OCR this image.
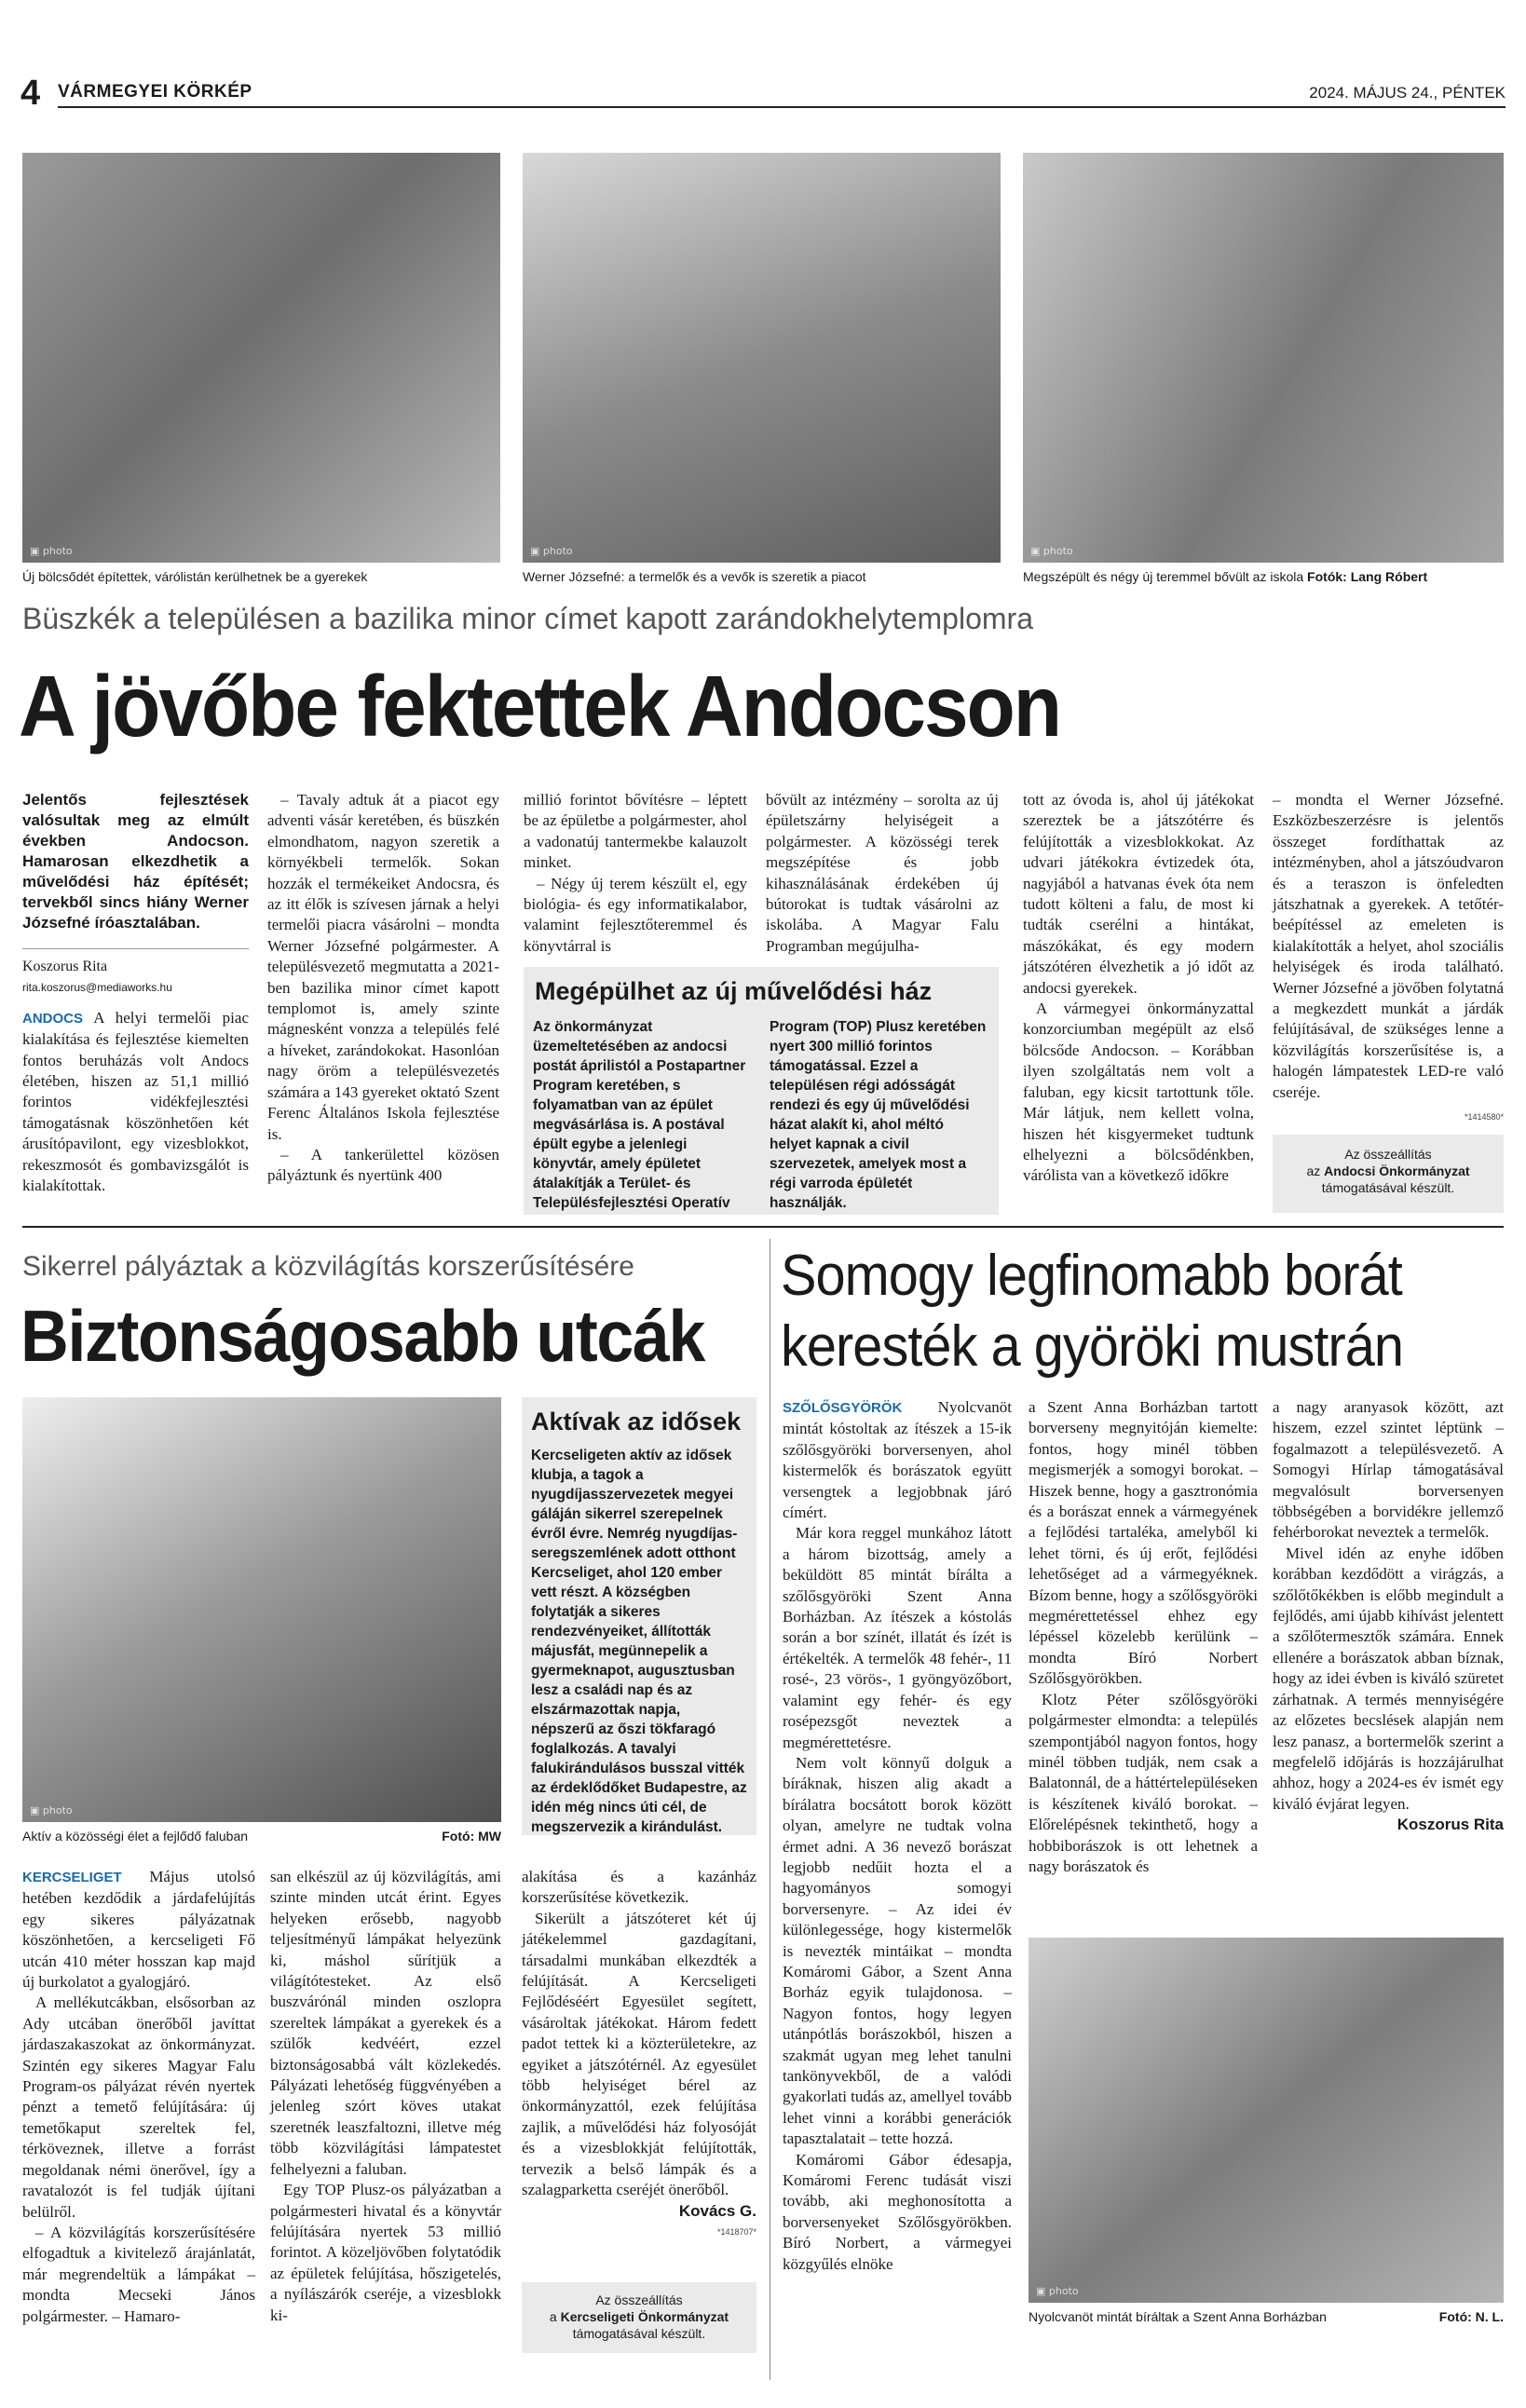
4 VÁRMEGYEI KÖRKÉP	2024. MÁJUS 24., PÉNTEK
▣ photo	▣ photo	▣ photo
Új bölcsődét építettek, várólistán kerülhetnek be a gyerekek	Werner Józsefné: a termelők és a vevők is szeretik a piacot	Megszépült és négy új teremmel bővült az iskola Fotók: Lang Róbert
Büszkék a településen a bazilika minor címet kapott zarándokhelytemplomra
A jövőbe fektettek Andocson

Jelentős fejlesztések valósultak meg az elmúlt években Andocson. Hamarosan elkezdhetik a művelődési ház építését; tervekből sincs hiány Werner Józsefné íróasztalában.

Koszorus Rita

rita.koszorus@mediaworks.hu

ANDOCS A helyi termelői piac kialakítása és fejlesztése kiemelten fontos beruházás volt Andocs életében, hiszen az 51,1 millió forintos vidékfejlesztési támogatásnak köszönhetően két árusítópavilont, egy vizesblokkot, rekeszmosót és gombavizsgálót is kialakítottak.

– Tavaly adtuk át a piacot egy adventi vásár keretében, és büszkén elmondhatom, nagyon szeretik a környékbeli termelők. Sokan hozzák el termékeiket Andocsra, és az itt élők is szívesen járnak a helyi termelői piacra vásárolni – mondta Werner Józsefné polgármester. A településvezető megmutatta a 2021-ben bazilika minor címet kapott templomot is, amely szinte mágnesként vonzza a település felé a híveket, zarándokokat. Hasonlóan nagy öröm a településvezetés számára a 143 gyereket oktató Szent Ferenc Általános Iskola fejlesztése is.

– A tankerülettel közösen pályáztunk és nyertünk 400

millió forintot bővítésre – léptett be az épületbe a polgármester, ahol a vadonatúj tantermekbe kalauzolt minket.

– Négy új terem készült el, egy biológia- és egy informatikalabor, valamint fejlesztőteremmel és könyvtárral is

bővült az intézmény – sorolta az új épületszárny helyiségeit a polgármester. A közösségi terek megszépítése és jobb kihasználásának érdekében új bútorokat is tudtak vásárolni az iskolába. A Magyar Falu Programban megújulha-

Megépülhet az új művelődési ház
Az önkormányzat üzemeltetésében az andocsi postát áprilistól a Postapartner Program keretében, s folyamatban van az épület megvásárlása is. A postával épült egybe a jelenlegi könyvtár, amely épületet átalakítják a Terület- és Településfejlesztési Operatív
Program (TOP) Plusz keretében nyert 300 millió forintos támogatással. Ezzel a településen régi adósságát rendezi és egy új művelődési házat alakít ki, ahol méltó helyet kapnak a civil szervezetek, amelyek most a régi varroda épületét használják.

tott az óvoda is, ahol új játékokat szereztek be a játszótérre és felújították a vizesblokkokat. Az udvari játékokra évtizedek óta, nagyjából a hatvanas évek óta nem tudott költeni a falu, de most ki tudták cserélni a hintákat, mászókákat, és egy modern játszótéren élvezhetik a jó időt az andocsi gyerekek.

A vármegyei önkormányzattal konzorciumban megépült az első bölcsőde Andocson. – Korábban ilyen szolgáltatás nem volt a faluban, egy kicsit tartottunk tőle. Már látjuk, nem kellett volna, hiszen hét kisgyermeket tudtunk elhelyezni a bölcsődénkben, várólista van a következő időkre

– mondta el Werner Józsefné. Eszközbeszerzésre is jelentős összeget fordíthattak az intézményben, ahol a játszóudvaron és a teraszon is önfeledten játszhatnak a gyerekek. A tetőtér-beépítéssel az emeleten is kialakították a helyet, ahol szociális helyiségek és iroda található. Werner Józsefné a jövőben folytatná a megkezdett munkát a járdák felújításával, de szükséges lenne a közvilágítás korszerűsítése is, a halogén lámpatestek LED-re való cseréje.

*1414580*
Az összeállítás
az Andocsi Önkormányzat
támogatásával készült.
Sikerrel pályáztak a közvilágítás korszerűsítésére
Biztonságosabb utcák
▣ photo
Aktív a közösségi élet a fejlődő faluban	Fotó: MW
Aktívak az idősek
Kercseligeten aktív az idősek klubja, a tagok a nyugdíjasszervezetek megyei gáláján sikerrel szerepelnek évről évre. Nemrég nyugdíjas-seregszemlének adott otthont Kercseliget, ahol 120 ember vett részt. A községben folytatják a sikeres rendezvényeiket, állították májusfát, megünnepelik a gyermeknapot, augusztusban lesz a családi nap és az elszármazottak napja, népszerű az őszi tökfaragó foglalkozás. A tavalyi falukirándulásos busszal vitték az érdeklődőket Budapestre, az idén még nincs úti cél, de megszervezik a kirándulást.

KERCSELIGET Május utolsó hetében kezdődik a járdafelújítás egy sikeres pályázatnak köszönhetően, a kercseligeti Fő utcán 410 méter hosszan kap majd új burkolatot a gyalogjáró.

A mellékutcákban, elsősorban az Ady utcában önerőből javíttat járdaszakaszokat az önkormányzat. Szintén egy sikeres Magyar Falu Program-os pályázat révén nyertek pénzt a temető felújítására: új temetőkaput szereltek fel, térköveznek, illetve a forrást megoldanak némi önerővel, így a ravatalozót is fel tudják újítani belülről.

– A közvilágítás korszerűsítésére elfogadtuk a kivitelező árajánlatát, már megrendeltük a lámpákat – mondta Mecseki János polgármester. – Hamaro-

san elkészül az új közvilágítás, ami szinte minden utcát érint. Egyes helyeken erősebb, nagyobb teljesítményű lámpákat helyezünk ki, máshol sűrítjük a világítótesteket. Az első buszvárónál minden oszlopra szereltek lámpákat a gyerekek és a szülők kedvéért, ezzel biztonságosabbá vált közlekedés. Pályázati lehetőség függvényében a jelenleg szórt köves utakat szeretnék leaszfaltozni, illetve még több közvilágítási lámpatestet felhelyezni a faluban.

Egy TOP Plusz-os pályázatban a polgármesteri hivatal és a könyvtár felújítására nyertek 53 millió forintot. A közeljövőben folytatódik az épületek felújítása, hőszigetelés, a nyílászárók cseréje, a vizesblokk ki-

alakítása és a kazánház korszerűsítése következik.

Sikerült a játszóteret két új játékelemmel gazdagítani, társadalmi munkában elkezdték a felújítását. A Kercseligeti Fejlődéséért Egyesület segített, vásároltak játékokat. Három fedett padot tettek ki a közterületekre, az egyiket a játszótérnél. Az egyesület több helyiséget bérel az önkormányzattól, ezek felújítása zajlik, a művelődési ház folyosóját és a vizesblokkját felújították, tervezik a belső lámpák és a szalagparketta cseréjét önerőből.

Kovács G.
*1418707*
Az összeállítás
a Kercseligeti Önkormányzat
támogatásával készült.
Somogy legfinomabb borát
keresték a györöki mustrán

SZŐLŐSGYÖRÖK Nyolcvanöt mintát kóstoltak az ítészek a 15-ik szőlősgyöröki borversenyen, ahol kistermelők és borászatok együtt versengtek a legjobbnak járó címért.

Már kora reggel munkához látott a három bizottság, amely a beküldött 85 mintát bírálta a szőlősgyöröki Szent Anna Borházban. Az ítészek a kóstolás során a bor színét, illatát és ízét is értékelték. A termelők 48 fehér-, 11 rosé-, 23 vörös-, 1 gyöngyözőbort, valamint egy fehér- és egy rosépezsgőt neveztek a megmérettetésre.

Nem volt könnyű dolguk a bíráknak, hiszen alig akadt a bírálatra bocsátott borok között olyan, amelyre ne tudtak volna érmet adni. A 36 nevező borászat legjobb nedűit hozta el a hagyományos somogyi borversenyre. – Az idei év különlegessége, hogy kistermelők is nevezték mintáikat – mondta Komáromi Gábor, a Szent Anna Borház egyik tulajdonosa. – Nagyon fontos, hogy legyen utánpótlás borászokból, hiszen a szakmát ugyan meg lehet tanulni tankönyvekből, de a valódi gyakorlati tudás az, amellyel tovább lehet vinni a korábbi generációk tapasztalatait – tette hozzá.

Komáromi Gábor édesapja, Komáromi Ferenc tudását viszi tovább, aki meghonosította a borversenyeket Szőlősgyörökben. Bíró Norbert, a vármegyei közgyűlés elnöke

a Szent Anna Borházban tartott borverseny megnyitóján kiemelte: fontos, hogy minél többen megismerjék a somogyi borokat. – Hiszek benne, hogy a gasztronómia és a borászat ennek a vármegyének a fejlődési tartaléka, amelyből ki lehet törni, és új erőt, fejlődési lehetőséget ad a vármegyéknek. Bízom benne, hogy a szőlősgyöröki megmérettetéssel ehhez egy lépéssel közelebb kerülünk – mondta Bíró Norbert Szőlősgyörökben.

Klotz Péter szőlősgyöröki polgármester elmondta: a település szempontjából nagyon fontos, hogy minél többen tudják, nem csak a Balatonnál, de a háttértelepüléseken is készítenek kiváló borokat. – Előrelépésnek tekinthető, hogy a hobbiborászok is ott lehetnek a nagy borászatok és

a nagy aranyasok között, azt hiszem, ezzel szintet léptünk – fogalmazott a településvezető. A Somogyi Hírlap támogatásával megvalósult borversenyen többségében a borvidékre jellemző fehérborokat neveztek a termelők.

Mivel idén az enyhe időben korábban kezdődött a virágzás, a szőlőtőkékben is előbb megindult a fejlődés, ami újabb kihívást jelentett a szőlőtermesztők számára. Ennek ellenére a borászatok abban bíznak, hogy az idei évben is kiváló szüretet zárhatnak. A termés mennyiségére az előzetes becslések alapján nem lesz panasz, a bortermelők szerint a megfelelő időjárás is hozzájárulhat ahhoz, hogy a 2024-es év ismét egy kiváló évjárat legyen.

Koszorus Rita
▣ photo
Nyolcvanöt mintát bíráltak a Szent Anna Borházban	Fotó: N. L.
